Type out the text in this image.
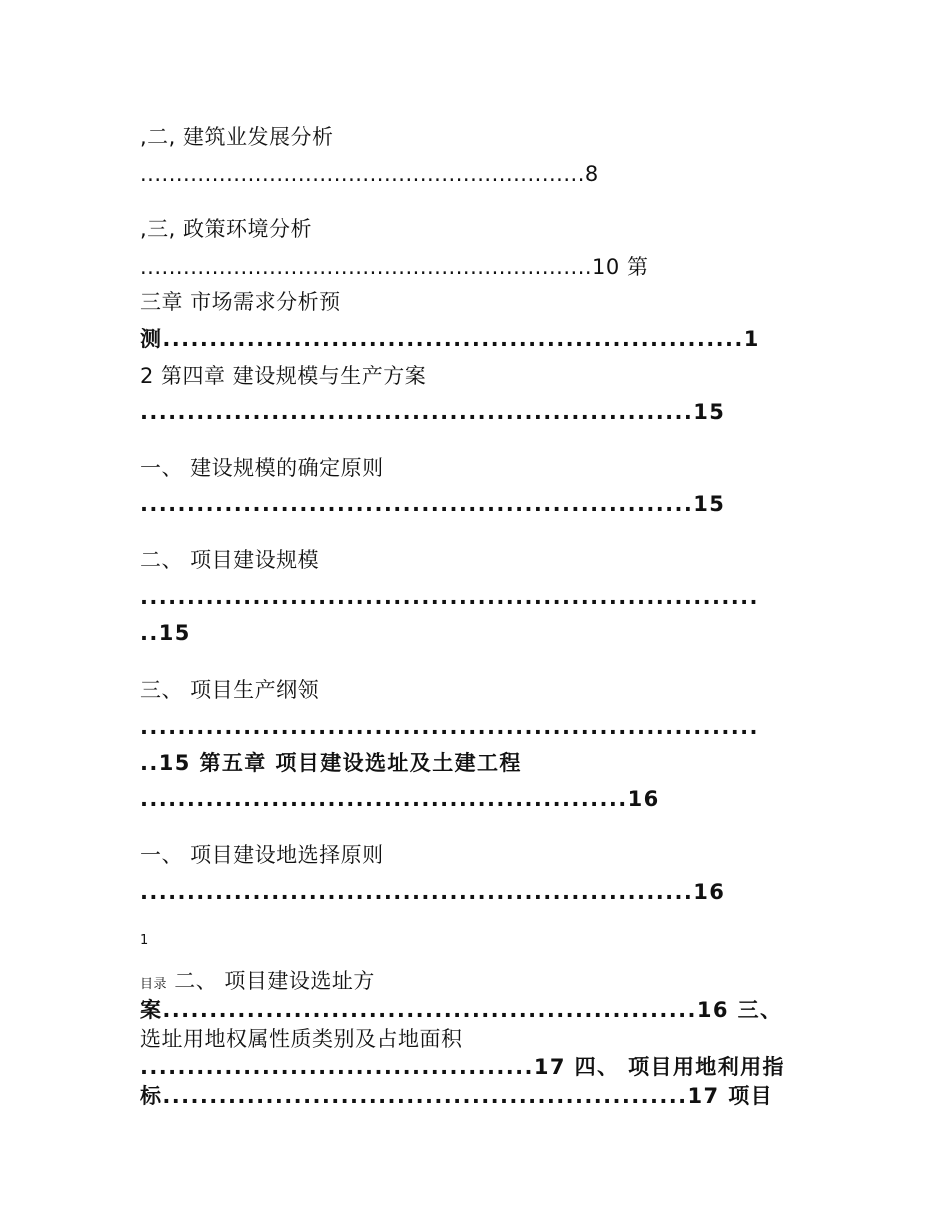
,二, 建筑业发展分析
..............................................................8
,三, 政策环境分析
...............................................................10 第
三章 市场需求分析预
测..............................................................1
2 第四章 建设规模与生产方案
...........................................................15
一、 建设规模的确定原则
...........................................................15
二、 项目建设规模
..................................................................
..15
三、 项目生产纲领
..................................................................
..15 第五章 项目建设选址及土建工程
....................................................16
一、 项目建设地选择原则
...........................................................16
1
目录 二、 项目建设选址方
案.........................................................16 三、
选址用地权属性质类别及占地面积
..........................................17 四、 项目用地利用指
标........................................................17 项目
